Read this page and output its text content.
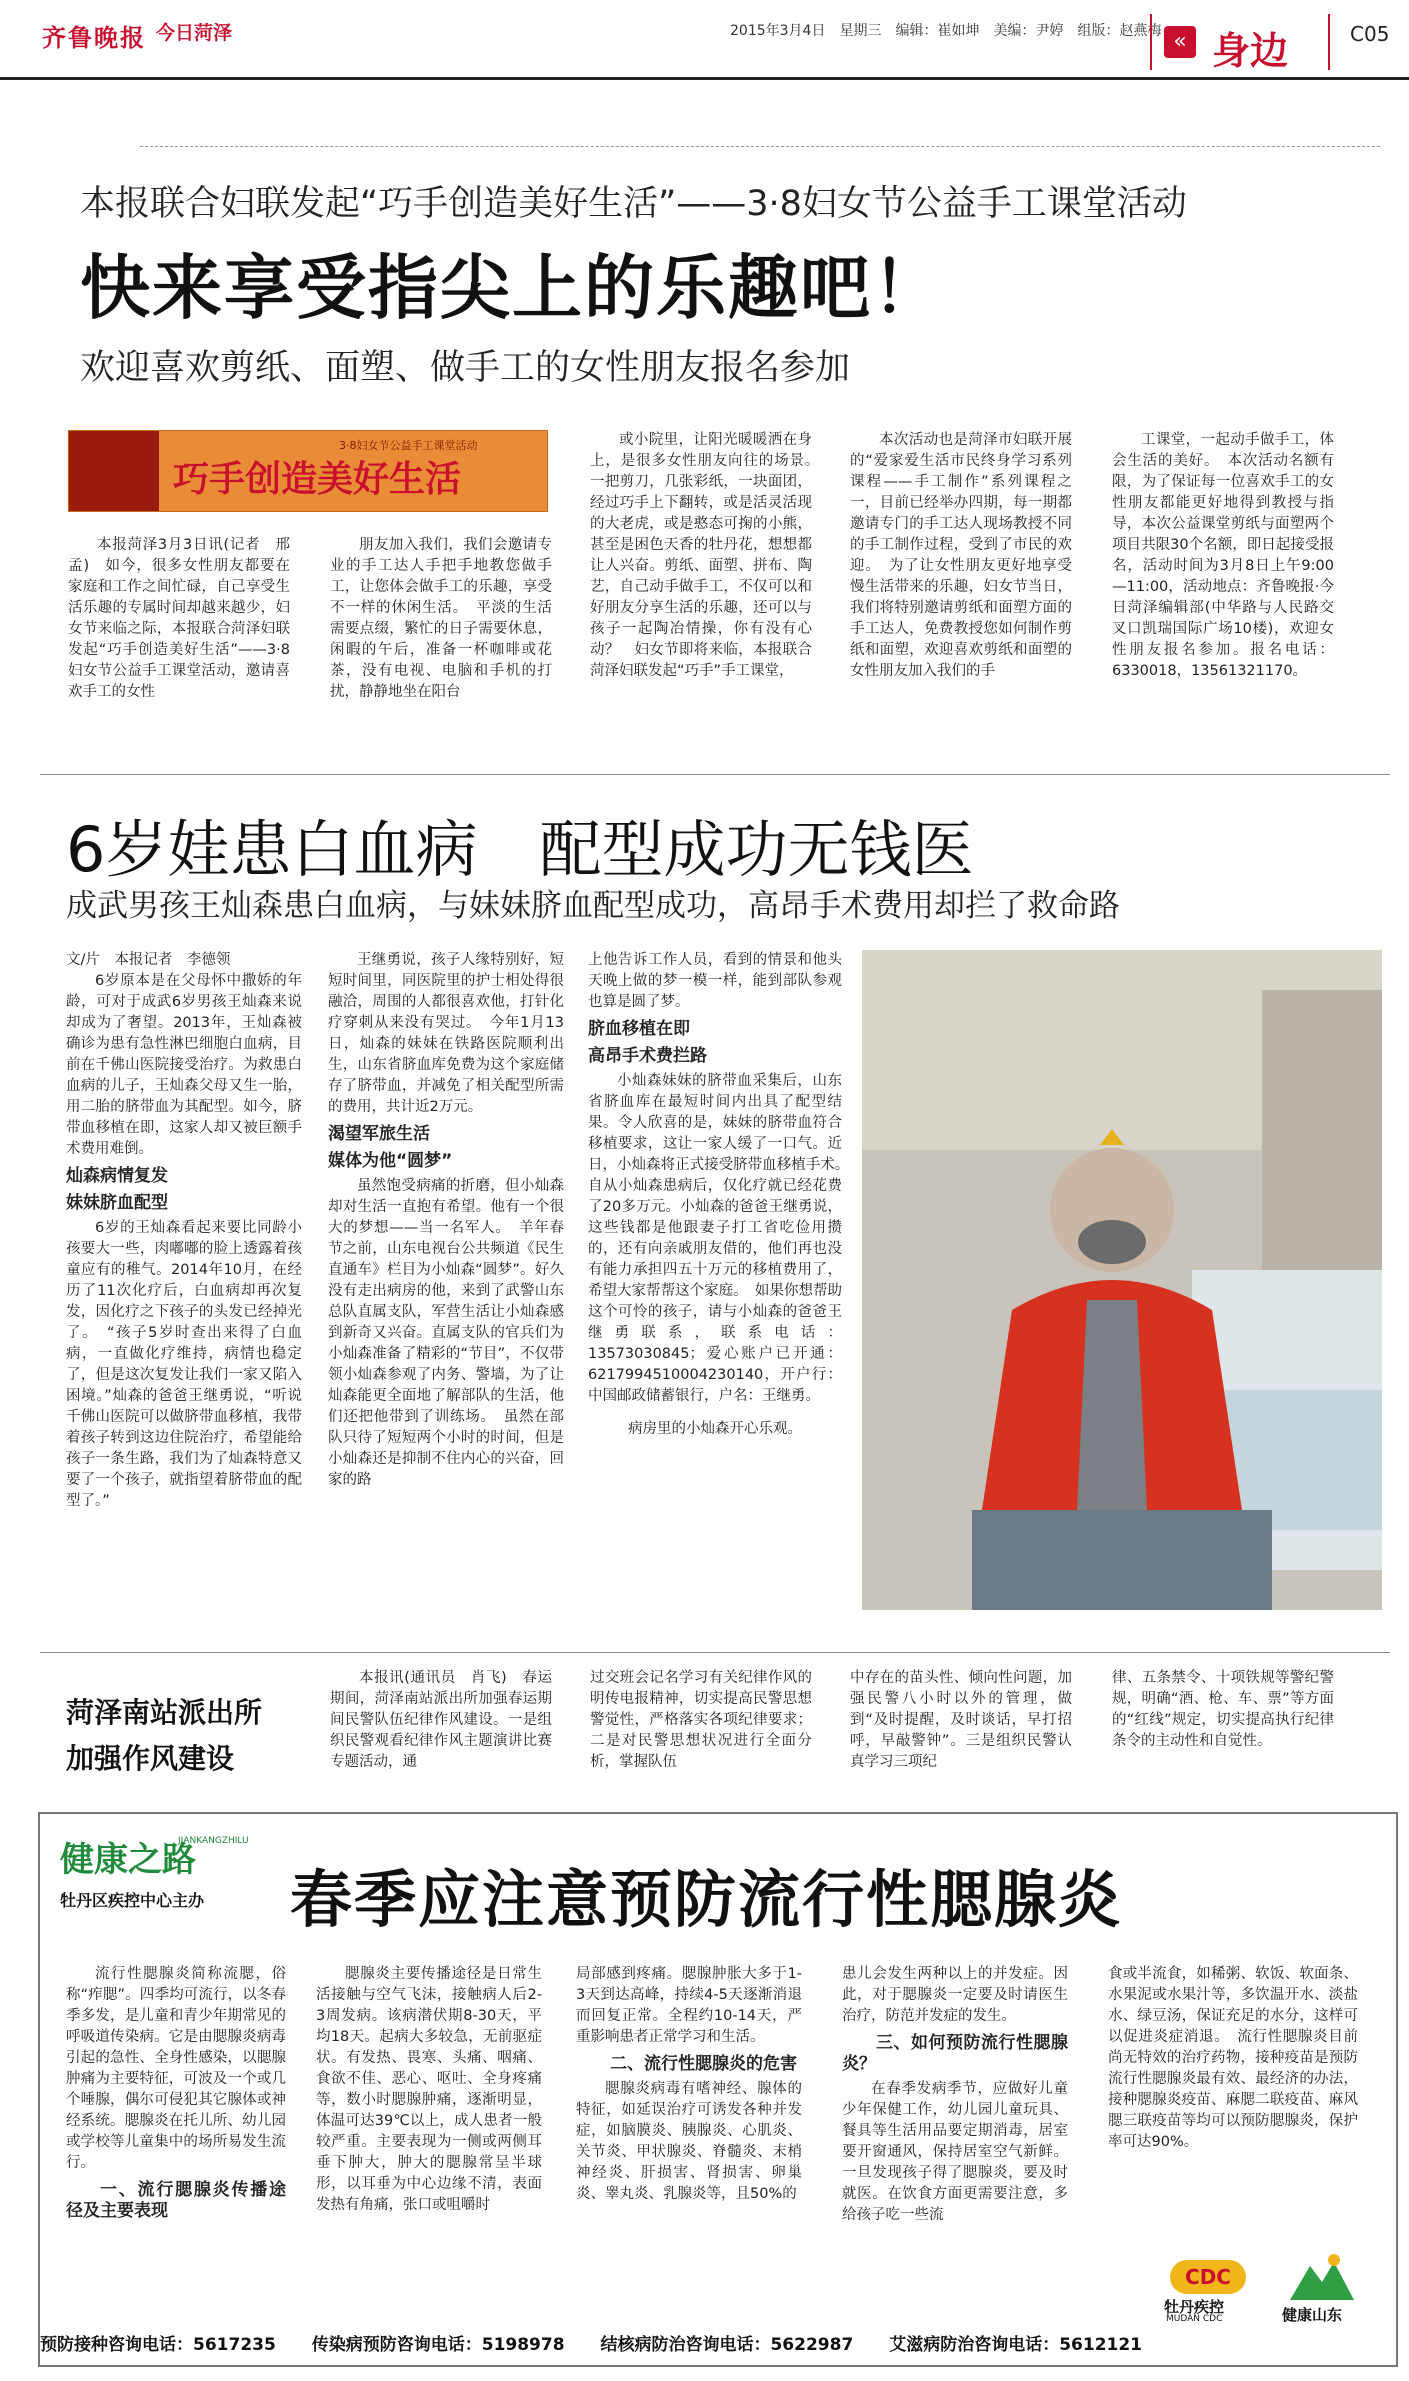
齐鲁晚报 今日菏泽	2015年3月4日　星期三　编辑：崔如坤　美编：尹婷　组版：赵燕梅 « 身边	C05
本报联合妇联发起“巧手创造美好生活”——3·8妇女节公益手工课堂活动
快来享受指尖上的乐趣吧！
欢迎喜欢剪纸、面塑、做手工的女性朋友报名参加
巧手创造美好生活
3·8妇女节公益手工课堂活动

本报菏泽3月3日讯(记者　邢孟)　如今，很多女性朋友都要在家庭和工作之间忙碌，自己享受生活乐趣的专属时间却越来越少，妇女节来临之际，本报联合菏泽妇联发起“巧手创造美好生活”——3·8妇女节公益手工课堂活动，邀请喜欢手工的女性

朋友加入我们，我们会邀请专业的手工达人手把手地教您做手工，让您体会做手工的乐趣，享受不一样的休闲生活。　平淡的生活需要点缀，繁忙的日子需要休息，闲暇的午后，准备一杯咖啡或花茶，没有电视、电脑和手机的打扰，静静地坐在阳台

或小院里，让阳光暖暖洒在身上，是很多女性朋友向往的场景。　一把剪刀，几张彩纸，一块面团，经过巧手上下翻转，或是活灵活现的大老虎，或是憨态可掬的小熊，甚至是困色天香的牡丹花，想想都让人兴奋。剪纸、面塑、拼布、陶艺，自己动手做手工，不仅可以和好朋友分享生活的乐趣，还可以与孩子一起陶冶情操，你有没有心动？　妇女节即将来临，本报联合菏泽妇联发起“巧手”手工课堂，

本次活动也是菏泽市妇联开展的“爱家爱生活市民终身学习系列课程——手工制作”系列课程之一，目前已经举办四期，每一期都邀请专门的手工达人现场教授不同的手工制作过程，受到了市民的欢迎。　为了让女性朋友更好地享受慢生活带来的乐趣，妇女节当日，我们将特别邀请剪纸和面塑方面的手工达人，免费教授您如何制作剪纸和面塑，欢迎喜欢剪纸和面塑的女性朋友加入我们的手

工课堂，一起动手做手工，体会生活的美好。　本次活动名额有限，为了保证每一位喜欢手工的女性朋友都能更好地得到教授与指导，本次公益课堂剪纸与面塑两个项目共限30个名额，即日起接受报名，活动时间为3月8日上午9:00—11:00，活动地点：齐鲁晚报·今日菏泽编辑部(中华路与人民路交叉口凯瑞国际广场10楼)，欢迎女性朋友报名参加。报名电话：6330018，13561321170。

6岁娃患白血病　配型成功无钱医
成武男孩王灿森患白血病，与妹妹脐血配型成功，高昂手术费用却拦了救命路

文/片　本报记者　李德领

6岁原本是在父母怀中撒娇的年龄，可对于成武6岁男孩王灿森来说却成为了奢望。2013年，王灿森被确诊为患有急性淋巴细胞白血病，目前在千佛山医院接受治疗。为救患白血病的儿子，王灿森父母又生一胎，用二胎的脐带血为其配型。如今，脐带血移植在即，这家人却又被巨额手术费用难倒。

灿森病情复发
妹妹脐血配型

6岁的王灿森看起来要比同龄小孩要大一些，肉嘟嘟的脸上透露着孩童应有的稚气。2014年10月，在经历了11次化疗后，白血病却再次复发，因化疗之下孩子的头发已经掉光了。　“孩子5岁时查出来得了白血病，一直做化疗维持，病情也稳定了，但是这次复发让我们一家又陷入困境。”灿森的爸爸王继勇说，“听说千佛山医院可以做脐带血移植，我带着孩子转到这边住院治疗，希望能给孩子一条生路，我们为了灿森特意又要了一个孩子，就指望着脐带血的配型了。”

王继勇说，孩子人缘特别好，短短时间里，同医院里的护士相处得很融洽，周围的人都很喜欢他，打针化疗穿刺从来没有哭过。　今年1月13日，灿森的妹妹在铁路医院顺利出生，山东省脐血库免费为这个家庭储存了脐带血，并减免了相关配型所需的费用，共计近2万元。

渴望军旅生活
媒体为他“圆梦”

虽然饱受病痛的折磨，但小灿森却对生活一直抱有希望。他有一个很大的梦想——当一名军人。　羊年春节之前，山东电视台公共频道《民生直通车》栏目为小灿森“圆梦”。好久没有走出病房的他，来到了武警山东总队直属支队，军营生活让小灿森感到新奇又兴奋。直属支队的官兵们为小灿森准备了精彩的“节目”，不仅带领小灿森参观了内务、警墙，为了让灿森能更全面地了解部队的生活，他们还把他带到了训练场。　虽然在部队只待了短短两个小时的时间，但是小灿森还是抑制不住内心的兴奋，回家的路

上他告诉工作人员，看到的情景和他头天晚上做的梦一模一样，能到部队参观也算是圆了梦。

脐血移植在即
高昂手术费拦路

小灿森妹妹的脐带血采集后，山东省脐血库在最短时间内出具了配型结果。令人欣喜的是，妹妹的脐带血符合移植要求，这让一家人缓了一口气。近日，小灿森将正式接受脐带血移植手术。　自从小灿森患病后，仅化疗就已经花费了20多万元。小灿森的爸爸王继勇说，这些钱都是他跟妻子打工省吃俭用攒的，还有向亲戚朋友借的，他们再也没有能力承担四五十万元的移植费用了，希望大家帮帮这个家庭。　如果你想帮助这个可怜的孩子，请与小灿森的爸爸王继勇联系，联系电话：13573030845；爱心账户已开通：6217994510004230140，开户行：中国邮政储蓄银行，户名：王继勇。

病房里的小灿森开心乐观。

菏泽南站派出所
加强作风建设

本报讯(通讯员　肖飞)　春运期间，菏泽南站派出所加强春运期间民警队伍纪律作风建设。一是组织民警观看纪律作风主题演讲比赛专题活动，通

过交班会记名学习有关纪律作风的明传电报精神，切实提高民警思想警觉性，严格落实各项纪律要求；二是对民警思想状况进行全面分析，掌握队伍

中存在的苗头性、倾向性问题，加强民警八小时以外的管理，做到“及时提醒，及时谈话，早打招呼，早敲警钟”。三是组织民警认真学习三项纪

律、五条禁令、十项铁规等警纪警规，明确“酒、枪、车、票”等方面的“红线”规定，切实提高执行纪律条令的主动性和自觉性。

健康之路
JIANKANGZHILU
牡丹区疾控中心主办 春季应注意预防流行性腮腺炎

流行性腮腺炎简称流腮，俗称“痄腮”。四季均可流行，以冬春季多发，是儿童和青少年期常见的呼吸道传染病。它是由腮腺炎病毒引起的急性、全身性感染，以腮腺肿痛为主要特征，可波及一个或几个唾腺，偶尔可侵犯其它腺体或神经系统。腮腺炎在托儿所、幼儿园或学校等儿童集中的场所易发生流行。

一、流行腮腺炎传播途径及主要表现

腮腺炎主要传播途径是日常生活接触与空气飞沫，接触病人后2-3周发病。该病潜伏期8-30天，平均18天。起病大多较急，无前驱症状。有发热、畏寒、头痛、咽痛、食欲不佳、恶心、呕吐、全身疼痛等，数小时腮腺肿痛，逐渐明显，体温可达39℃以上，成人患者一般较严重。主要表现为一侧或两侧耳垂下肿大，肿大的腮腺常呈半球形，以耳垂为中心边缘不清，表面发热有角痛，张口或咀嚼时

局部感到疼痛。腮腺肿胀大多于1-3天到达高峰，持续4-5天逐渐消退而回复正常。全程约10-14天，严重影响患者正常学习和生活。

二、流行性腮腺炎的危害

腮腺炎病毒有嗜神经、腺体的特征，如延误治疗可诱发各种并发症，如脑膜炎、胰腺炎、心肌炎、关节炎、甲状腺炎、脊髓炎、末梢神经炎、肝损害、肾损害、卵巢炎、睾丸炎、乳腺炎等，且50%的

患儿会发生两种以上的并发症。因此，对于腮腺炎一定要及时请医生治疗，防范并发症的发生。

三、如何预防流行性腮腺炎？

在春季发病季节，应做好儿童少年保健工作，幼儿园儿童玩具、餐具等生活用品要定期消毒，居室要开窗通风，保持居室空气新鲜。一旦发现孩子得了腮腺炎，要及时就医。在饮食方面更需要注意，多给孩子吃一些流

食或半流食，如稀粥、软饭、软面条、水果泥或水果汁等，多饮温开水、淡盐水、绿豆汤，保证充足的水分，这样可以促进炎症消退。　流行性腮腺炎目前尚无特效的治疗药物，接种疫苗是预防流行性腮腺炎最有效、最经济的办法，接种腮腺炎疫苗、麻腮二联疫苗、麻风腮三联疫苗等均可以预防腮腺炎，保护率可达90%。

CDC
牡丹疾控
MUDAN CDC	健康山东
预防接种咨询电话：5617235 传染病预防咨询电话：5198978 结核病防治咨询电话：5622987 艾滋病防治咨询电话：5612121
